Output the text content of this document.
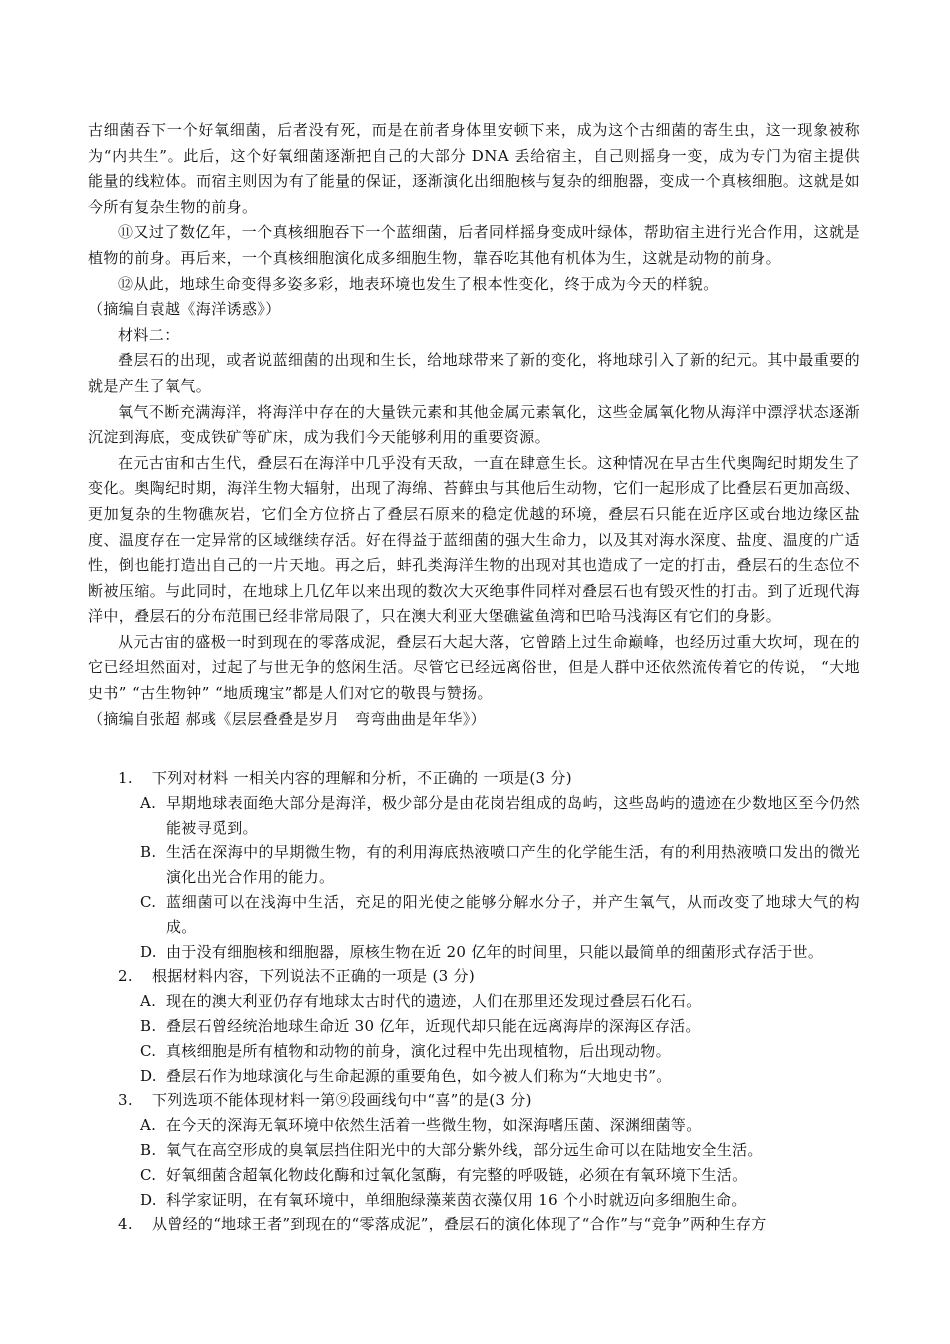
古细菌吞下一个好氧细菌，后者没有死，而是在前者身体里安顿下来，成为这个古细菌的寄生虫，这一现象被称为“内共生”。此后，这个好氧细菌逐渐把自己的大部分 DNA 丢给宿主，自己则摇身一变，成为专门为宿主提供能量的线粒体。而宿主则因为有了能量的保证，逐渐演化出细胞核与复杂的细胞器，变成一个真核细胞。这就是如今所有复杂生物的前身。

⑪又过了数亿年，一个真核细胞吞下一个蓝细菌，后者同样摇身变成叶绿体，帮助宿主进行光合作用，这就是植物的前身。再后来，一个真核细胞演化成多细胞生物，靠吞吃其他有机体为生，这就是动物的前身。

⑫从此，地球生命变得多姿多彩，地表环境也发生了根本性变化，终于成为今天的样貌。

（摘编自袁越《海洋诱惑》）

材料二：

叠层石的出现，或者说蓝细菌的出现和生长，给地球带来了新的变化，将地球引入了新的纪元。其中最重要的就是产生了氧气。

氧气不断充满海洋，将海洋中存在的大量铁元素和其他金属元素氧化，这些金属氧化物从海洋中漂浮状态逐渐沉淀到海底，变成铁矿等矿床，成为我们今天能够利用的重要资源。

在元古宙和古生代，叠层石在海洋中几乎没有天敌，一直在肆意生长。这种情况在早古生代奥陶纪时期发生了变化。奥陶纪时期，海洋生物大辐射，出现了海绵、苔藓虫与其他后生动物，它们一起形成了比叠层石更加高级、更加复杂的生物礁灰岩，它们全方位挤占了叠层石原来的稳定优越的环境，叠层石只能在近序区或台地边缘区盐度、温度存在一定异常的区域继续存活。好在得益于蓝细菌的强大生命力，以及其对海水深度、盐度、温度的广适性，倒也能打造出自己的一片天地。再之后，蚌孔类海洋生物的出现对其也造成了一定的打击，叠层石的生态位不断被压缩。与此同时，在地球上几亿年以来出现的数次大灭绝事件同样对叠层石也有毁灭性的打击。到了近现代海洋中，叠层石的分布范围已经非常局限了，只在澳大利亚大堡礁鲨鱼湾和巴哈马浅海区有它们的身影。

从元古宙的盛极一时到现在的零落成泥，叠层石大起大落，它曾踏上过生命巅峰，也经历过重大坎坷，现在的它已经坦然面对，过起了与世无争的悠闲生活。尽管它已经远离俗世，但是人群中还依然流传着它的传说， “大地史书” “古生物钟” “地质瑰宝”都是人们对它的敬畏与赞扬。

（摘编自张超 郝彧《层层叠叠是岁月　弯弯曲曲是年华》）

1.	下列对材料 一相关内容的理解和分析，不正确的 一项是(3 分)
A. 早期地球表面绝大部分是海洋，极少部分是由花岗岩组成的岛屿，这些岛屿的遗迹在少数地区至今仍然能被寻觅到。
B. 生活在深海中的早期微生物，有的利用海底热液喷口产生的化学能生活，有的利用热液喷口发出的微光演化出光合作用的能力。
C. 蓝细菌可以在浅海中生活，充足的阳光使之能够分解水分子，并产生氧气，从而改变了地球大气的构成。
D. 由于没有细胞核和细胞器，原核生物在近 20 亿年的时间里，只能以最简单的细菌形式存活于世。
2.	根据材料内容，下列说法不正确的一项是 (3 分)
A. 现在的澳大利亚仍存有地球太古时代的遗迹，人们在那里还发现过叠层石化石。
B. 叠层石曾经统治地球生命近 30 亿年，近现代却只能在远离海岸的深海区存活。
C. 真核细胞是所有植物和动物的前身，演化过程中先出现植物，后出现动物。
D. 叠层石作为地球演化与生命起源的重要角色，如今被人们称为“大地史书”。
3.	下列选项不能体现材料一第⑨段画线句中“喜”的是(3 分)
A. 在今天的深海无氧环境中依然生活着一些微生物，如深海嗜压菌、深渊细菌等。
B. 氧气在高空形成的臭氧层挡住阳光中的大部分紫外线，部分远生命可以在陆地安全生活。
C. 好氧细菌含超氧化物歧化酶和过氧化氢酶，有完整的呼吸链，必须在有氧环境下生活。
D. 科学家证明，在有氧环境中，单细胞绿藻莱茵衣藻仅用 16 个小时就迈向多细胞生命。
4.	从曾经的“地球王者”到现在的“零落成泥”，叠层石的演化体现了“合作”与“竞争”两种生存方
